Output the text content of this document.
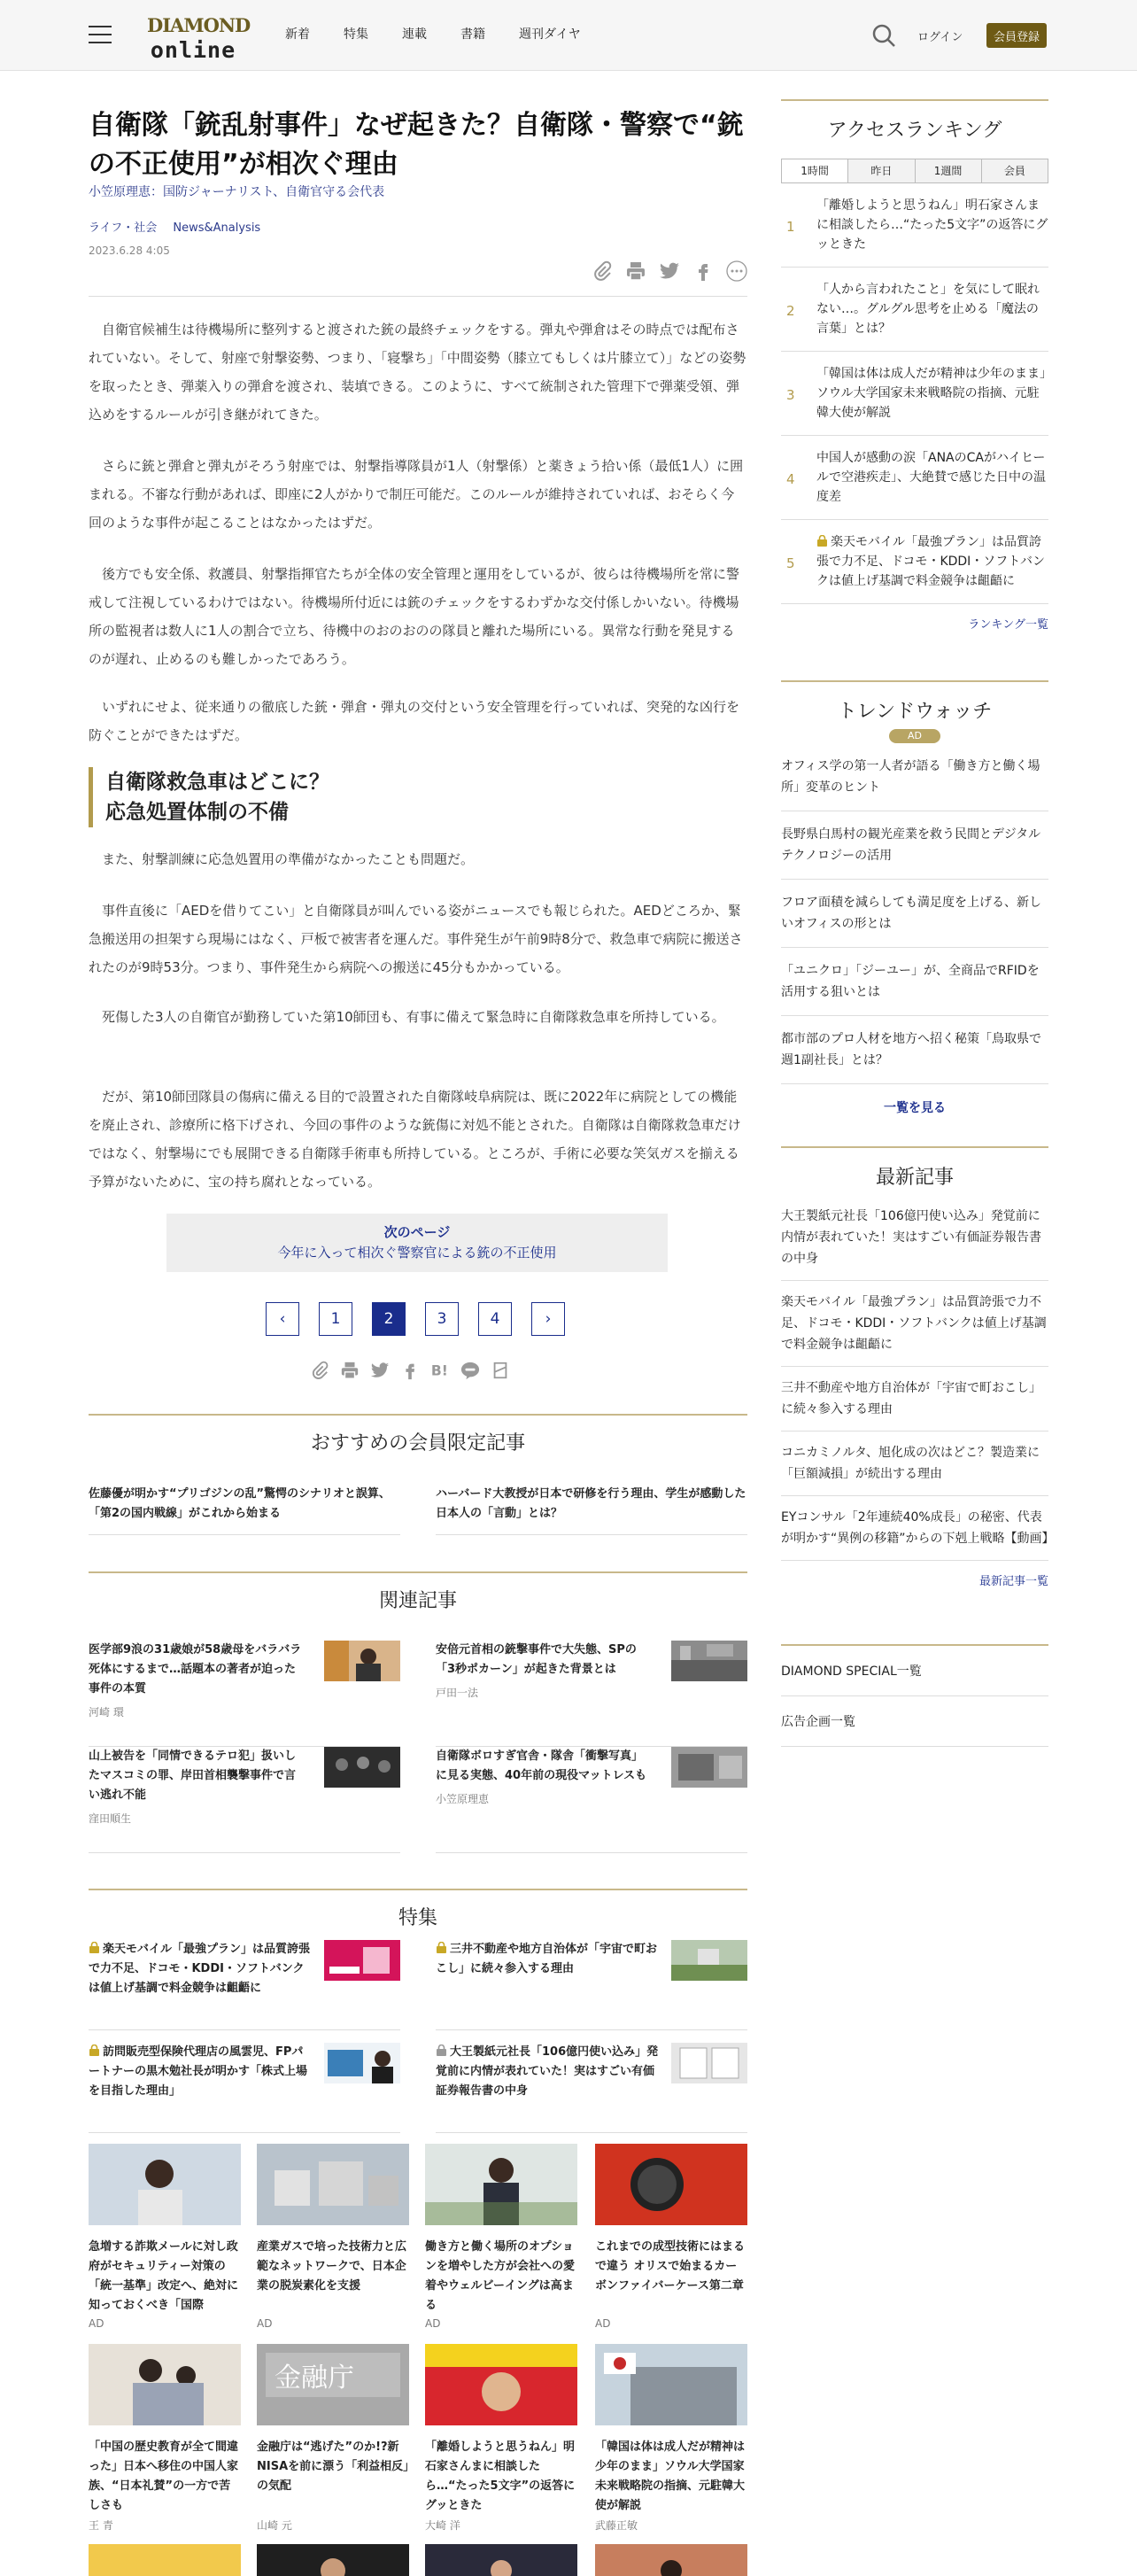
DIAMOND
online
新着	特集	連載	書籍	週刊ダイヤ	ログイン	会員登録
自衛隊「銃乱射事件」なぜ起きた？自衛隊・警察で“銃の不正使用”が相次ぐ理由
小笠原理恵：国防ジャーナリスト、自衛官守る会代表
ライフ・社会 News&Analysis
2023.6.28 4:05

自衛官候補生は待機場所に整列すると渡された銃の最終チェックをする。弾丸や弾倉はその時点では配布されていない。そして、射座で射撃姿勢、つまり、「寝撃ち」「中間姿勢（膝立てもしくは片膝立て）」などの姿勢を取ったとき、弾薬入りの弾倉を渡され、装填できる。このように、すべて統制された管理下で弾薬受領、弾込めをするルールが引き継がれてきた。

さらに銃と弾倉と弾丸がそろう射座では、射撃指導隊員が1人（射撃係）と薬きょう拾い係（最低1人）に囲まれる。不審な行動があれば、即座に2人がかりで制圧可能だ。このルールが維持されていれば、おそらく今回のような事件が起こることはなかったはずだ。

後方でも安全係、救護員、射撃指揮官たちが全体の安全管理と運用をしているが、彼らは待機場所を常に警戒して注視しているわけではない。待機場所付近には銃のチェックをするわずかな交付係しかいない。待機場所の監視者は数人に1人の割合で立ち、待機中のおのおのの隊員と離れた場所にいる。異常な行動を発見するのが遅れ、止めるのも難しかったであろう。

いずれにせよ、従来通りの徹底した銃・弾倉・弾丸の交付という安全管理を行っていれば、突発的な凶行を防ぐことができたはずだ。

自衛隊救急車はどこに？
応急処置体制の不備

また、射撃訓練に応急処置用の準備がなかったことも問題だ。

事件直後に「AEDを借りてこい」と自衛隊員が叫んでいる姿がニュースでも報じられた。AEDどころか、緊急搬送用の担架すら現場にはなく、戸板で被害者を運んだ。事件発生が午前9時8分で、救急車で病院に搬送されたのが9時53分。つまり、事件発生から病院への搬送に45分もかかっている。

死傷した3人の自衛官が勤務していた第10師団も、有事に備えて緊急時に自衛隊救急車を所持している。

だが、第10師団隊員の傷病に備える目的で設置された自衛隊岐阜病院は、既に2022年に病院としての機能を廃止され、診療所に格下げされ、今回の事件のような銃傷に対処不能とされた。自衛隊は自衛隊救急車だけではなく、射撃場にでも展開できる自衛隊手術車も所持している。ところが、手術に必要な笑気ガスを揃える予算がないために、宝の持ち腐れとなっている。

次のページ
今年に入って相次ぐ警察官による銃の不正使用
‹	1	2	3	4	›
B!
おすすめの会員限定記事
佐藤優が明かす“プリゴジンの乱”驚愕のシナリオと誤算、「第2の国内戦線」がこれから始まる
ハーバード大教授が日本で研修を行う理由、学生が感動した日本人の「言動」とは？
関連記事
医学部9浪の31歳娘が58歳母をバラバラ死体にするまで…話題本の著者が迫った事件の本質
河崎 環
安倍元首相の銃撃事件で大失態、SPの「3秒ポカーン」が起きた背景とは
戸田一法
山上被告を「同情できるテロ犯」扱いしたマスコミの罪、岸田首相襲撃事件で言い逃れ不能
窪田順生
自衛隊ボロすぎ官舎・隊舎「衝撃写真」に見る実態、40年前の現役マットレスも
小笠原理恵
特集
楽天モバイル「最強プラン」は品質誇張で力不足、ドコモ・KDDI・ソフトバンクは値上げ基調で料金競争は齟齬に
三井不動産や地方自治体が「宇宙で町おこし」に続々参入する理由
訪問販売型保険代理店の風雲児、FPパートナーの黒木勉社長が明かす「株式上場を目指した理由」
大王製紙元社長「106億円使い込み」発覚前に内情が表れていた！実はすごい有価証券報告書の中身
急増する詐欺メールに対し政府がセキュリティー対策の「統一基準」改定へ、絶対に知っておくべき「国際
AD
産業ガスで培った技術力と広範なネットワークで、日本企業の脱炭素化を支援
AD
働き方と働く場所のオプションを増やした方が会社への愛着やウェルビーイングは高まる
AD
これまでの成型技術にはまるで違う オリスで始まるカーボンファイバーケース第二章
AD
「中国の歴史教育が全て間違った」日本へ移住の中国人家族、“日本礼賛”の一方で苦しさも
王 青
金融庁
金融庁は“逃げた”のか!?新NISAを前に漂う「利益相反」の気配
山崎 元
「離婚しようと思うねん」明石家さんまに相談したら…“たった5文字”の返答にグッときた
大崎 洋
「韓国は体は成人だが精神は少年のまま」ソウル大学国家未来戦略院の指摘、元駐韓大使が解説
武藤正敏
アクセスランキング
1時間	昨日	1週間	会員
1
「離婚しようと思うねん」明石家さんまに相談したら…“たった5文字”の返答にグッときた
2
「人から言われたこと」を気にして眠れない…。グルグル思考を止める「魔法の言葉」とは？
3
「韓国は体は成人だが精神は少年のまま」ソウル大学国家未来戦略院の指摘、元駐韓大使が解説
4
中国人が感動の涙「ANAのCAがハイヒールで空港疾走」、大絶賛で感じた日中の温度差
5
楽天モバイル「最強プラン」は品質誇張で力不足、ドコモ・KDDI・ソフトバンクは値上げ基調で料金競争は齟齬に
ランキング一覧
トレンドウォッチ
AD
オフィス学の第一人者が語る「働き方と働く場所」変革のヒント
長野県白馬村の観光産業を救う民間とデジタルテクノロジーの活用
フロア面積を減らしても満足度を上げる、新しいオフィスの形とは
「ユニクロ」「ジーユー」が、全商品でRFIDを活用する狙いとは
都市部のプロ人材を地方へ招く秘策「鳥取県で週1副社長」とは？
一覧を見る
最新記事
大王製紙元社長「106億円使い込み」発覚前に内情が表れていた！実はすごい有価証券報告書の中身
楽天モバイル「最強プラン」は品質誇張で力不足、ドコモ・KDDI・ソフトバンクは値上げ基調で料金競争は齟齬に
三井不動産や地方自治体が「宇宙で町おこし」に続々参入する理由
コニカミノルタ、旭化成の次はどこ？製造業に「巨額減損」が続出する理由
EYコンサル「2年連続40%成長」の秘密、代表が明かす“異例の移籍”からの下剋上戦略【動画】
最新記事一覧
DIAMOND SPECIAL一覧
広告企画一覧
